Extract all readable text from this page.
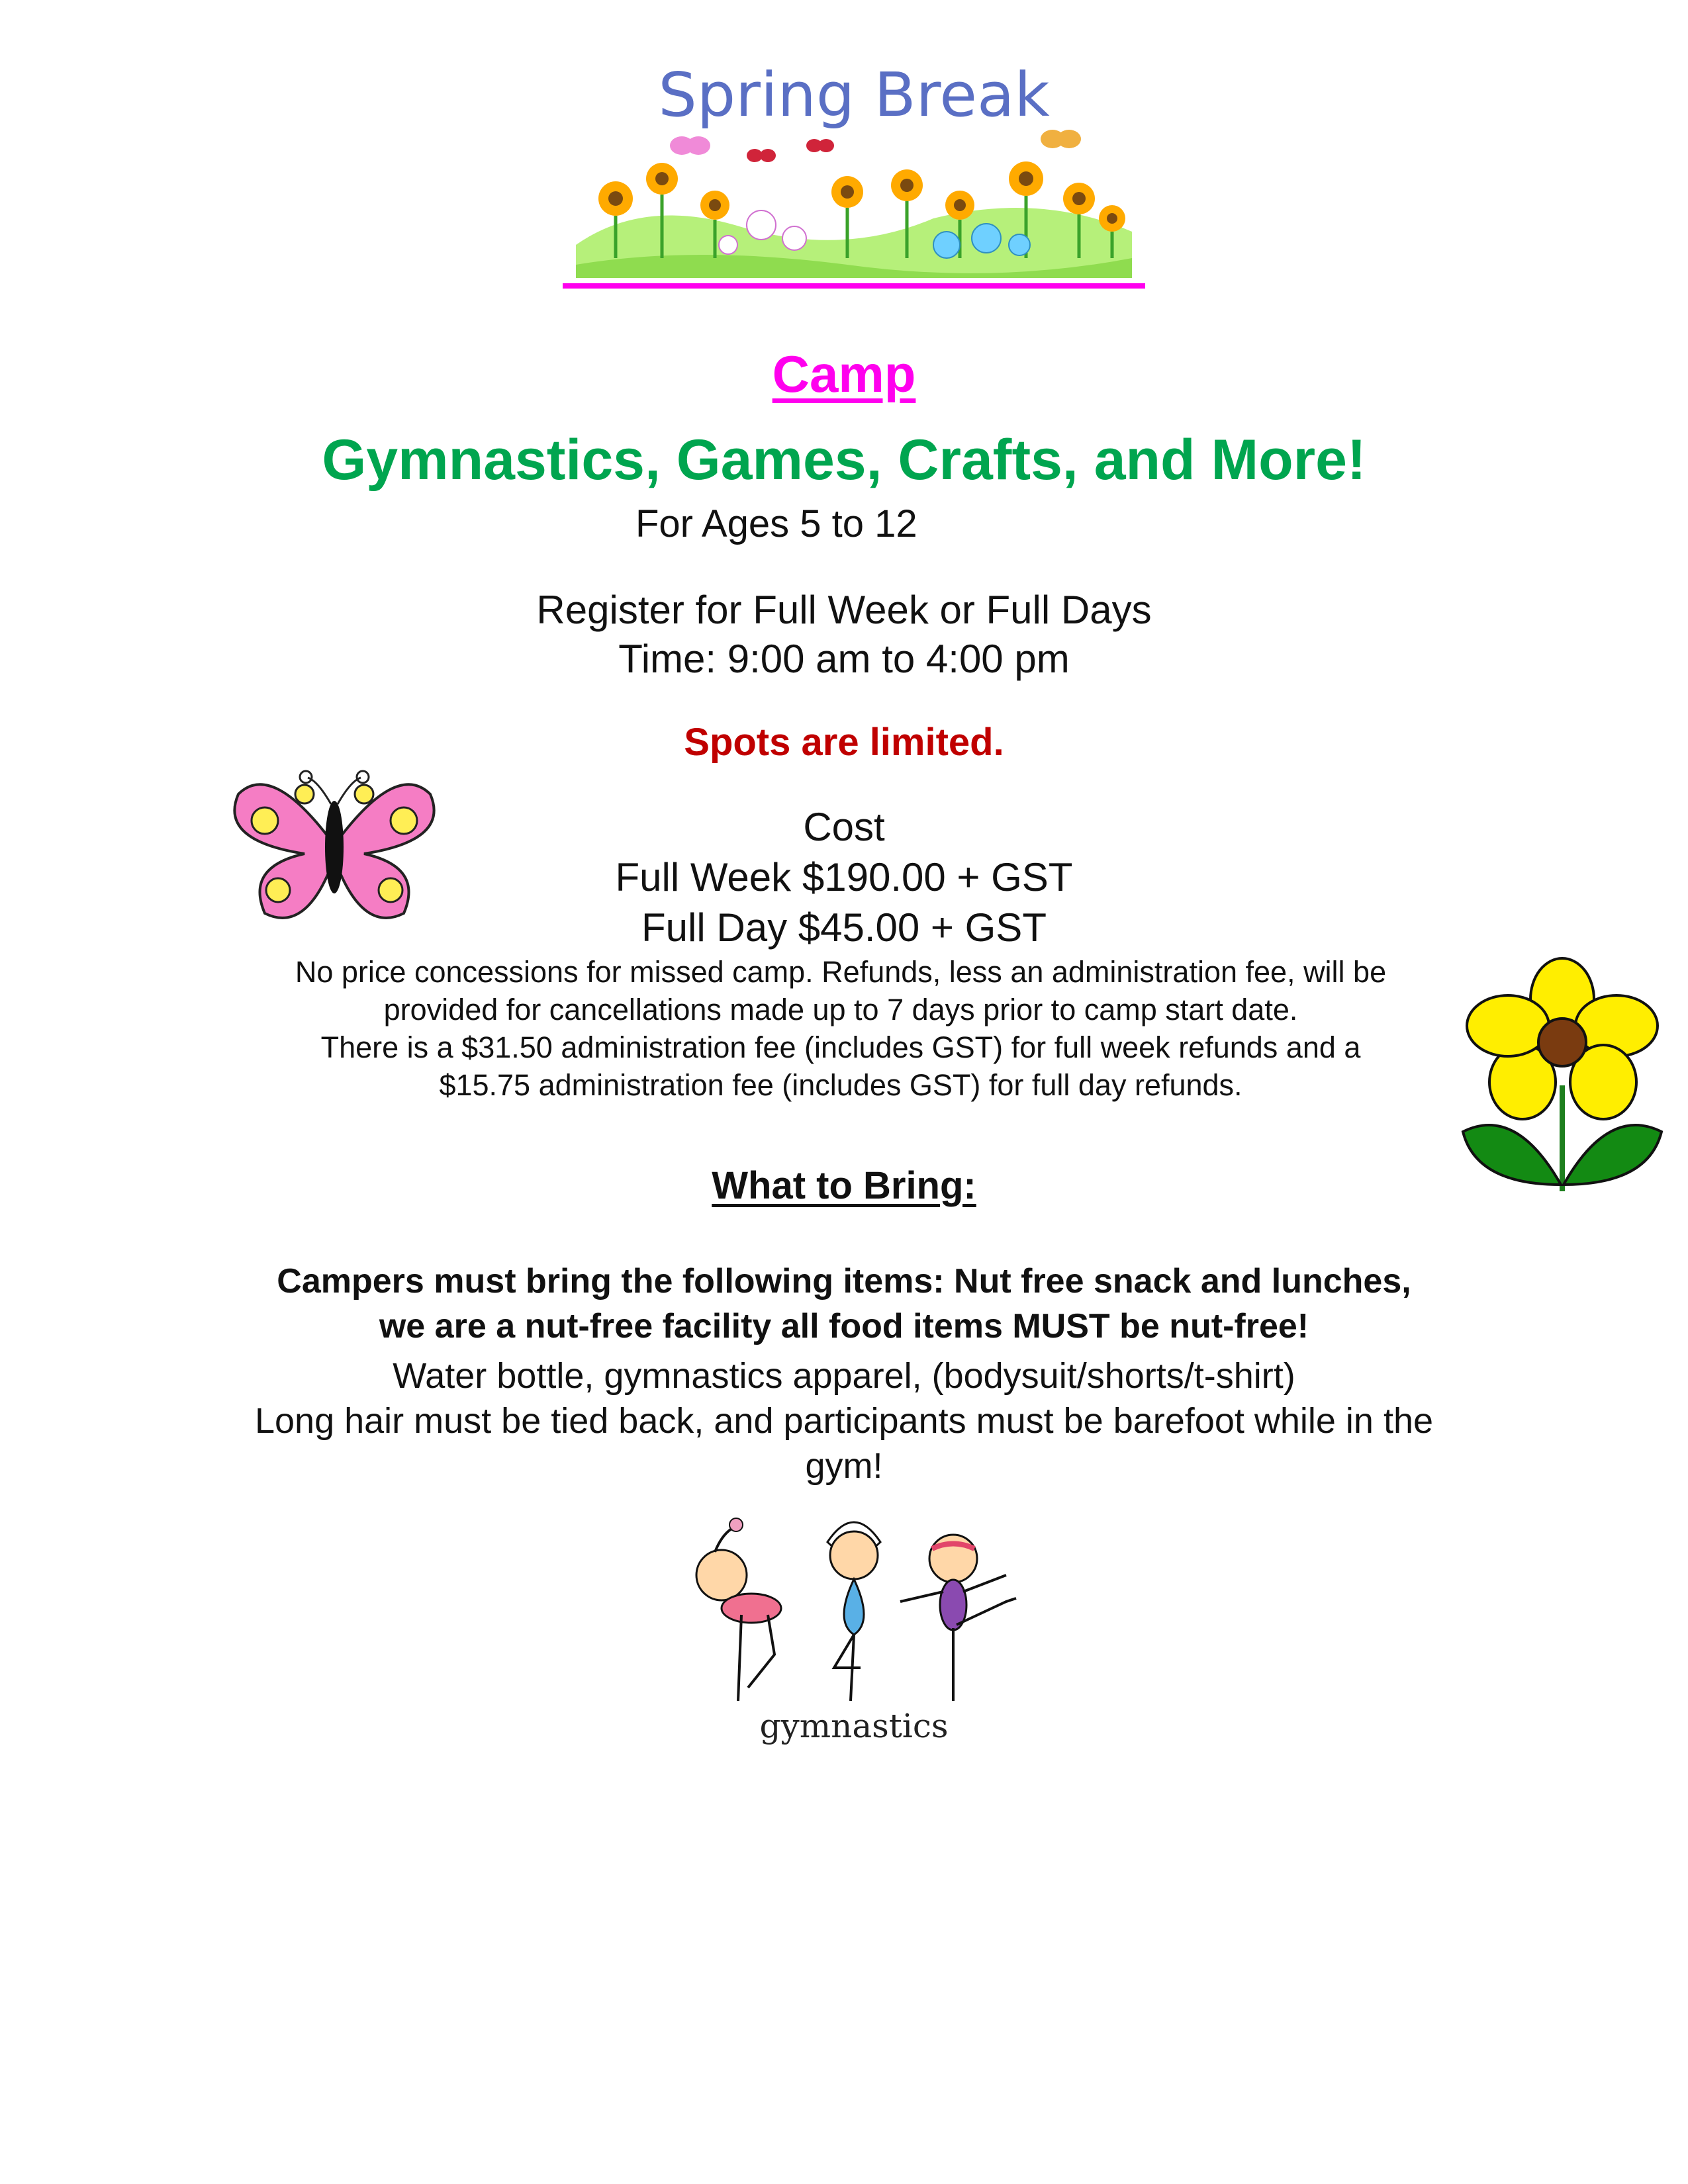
Spring Break
Camp
Gymnastics, Games, Crafts, and More!
For Ages 5 to 12
Register for Full Week or Full Days
Time: 9:00 am to 4:00 pm
Spots are limited.
Cost
Full Week $190.00 + GST
Full Day $45.00 + GST
No price concessions for missed camp. Refunds, less an administration fee, will be
provided for cancellations made up to 7 days prior to camp start date.
There is a $31.50 administration fee (includes GST) for full week refunds and a
$15.75 administration fee (includes GST) for full day refunds.
What to Bring:
Campers must bring the following items: Nut free snack and lunches,
we are a nut-free facility all food items MUST be nut-free!
Water bottle, gymnastics apparel, (bodysuit/shorts/t-shirt)
Long hair must be tied back, and participants must be barefoot while in the
gym!
gymnastics
